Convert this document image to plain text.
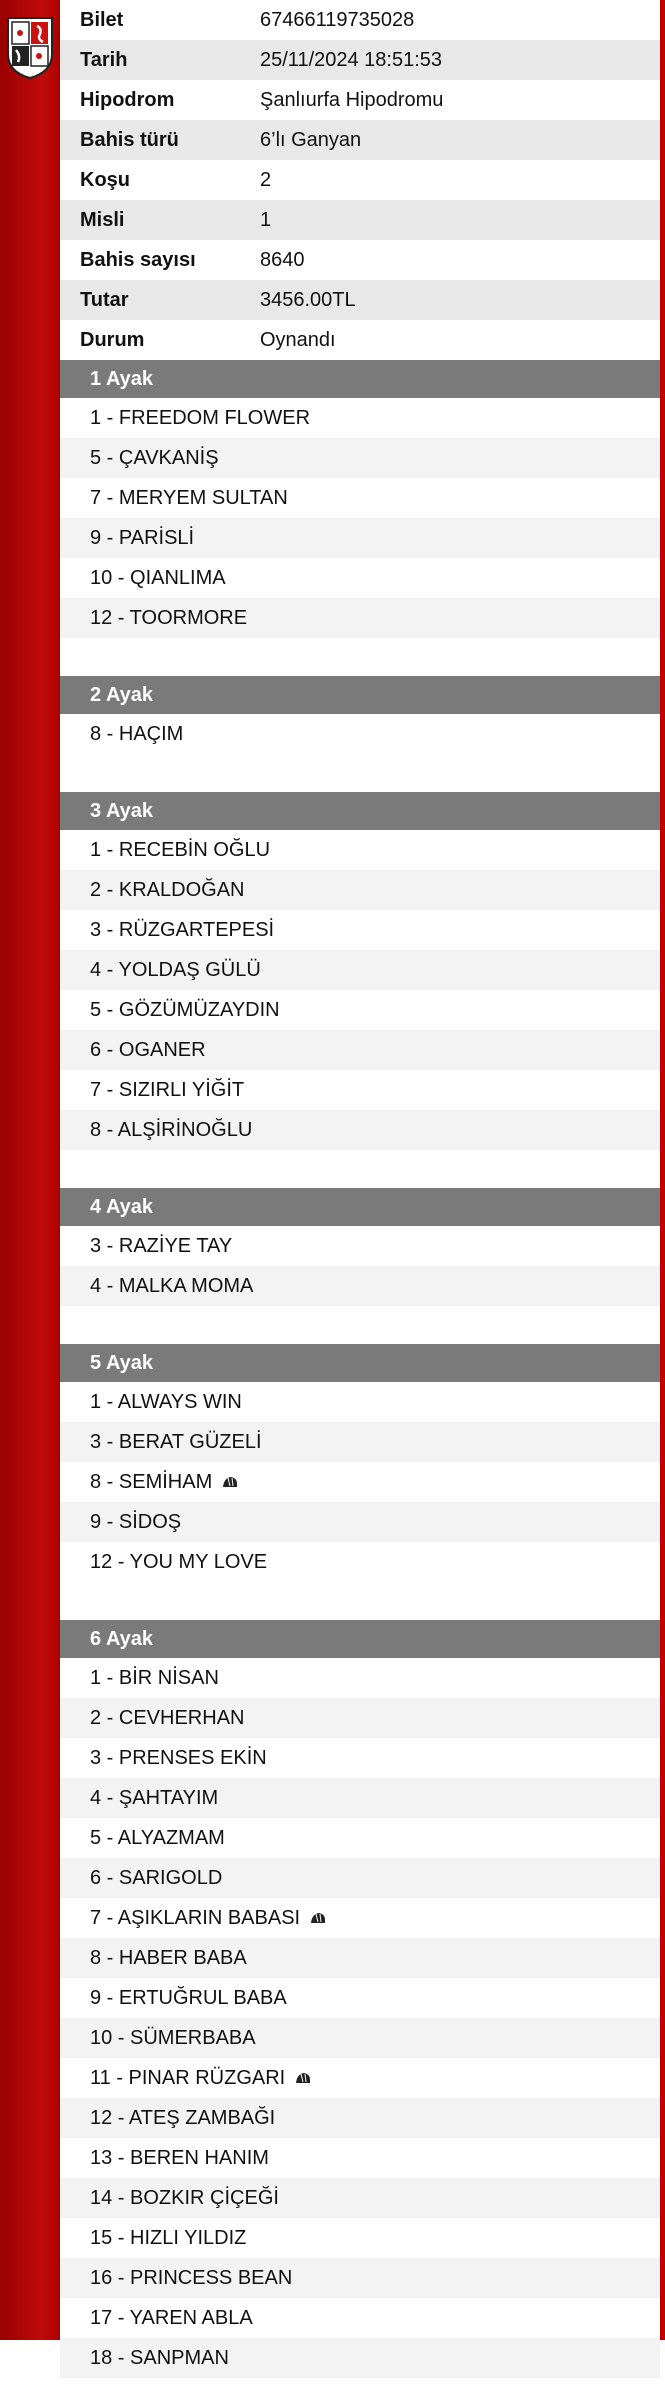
Bilet	67466119735028
Tarih	25/11/2024 18:51:53
Hipodrom	Şanlıurfa Hipodromu
Bahis türü	6’lı Ganyan
Koşu	2
Misli	1
Bahis sayısı	8640
Tutar	3456.00TL
Durum	Oynandı
1 Ayak
1 - FREEDOM FLOWER
5 - ÇAVKANİŞ
7 - MERYEM SULTAN
9 - PARİSLİ
10 - QIANLIMA
12 - TOORMORE
2 Ayak
8 - HAÇIM
3 Ayak
1 - RECEBİN OĞLU
2 - KRALDOĞAN
3 - RÜZGARTEPESİ
4 - YOLDAŞ GÜLÜ
5 - GÖZÜMÜZAYDIN
6 - OGANER
7 - SIZIRLI YİĞİT
8 - ALŞİRİNOĞLU
4 Ayak
3 - RAZİYE TAY
4 - MALKA MOMA
5 Ayak
1 - ALWAYS WIN
3 - BERAT GÜZELİ
8 - SEMİHAM
9 - SİDOŞ
12 - YOU MY LOVE
6 Ayak
1 - BİR NİSAN
2 - CEVHERHAN
3 - PRENSES EKİN
4 - ŞAHTAYIM
5 - ALYAZMAM
6 - SARIGOLD
7 - AŞIKLARIN BABASI
8 - HABER BABA
9 - ERTUĞRUL BABA
10 - SÜMERBABA
11 - PINAR RÜZGARI
12 - ATEŞ ZAMBAĞI
13 - BEREN HANIM
14 - BOZKIR ÇİÇEĞİ
15 - HIZLI YILDIZ
16 - PRINCESS BEAN
17 - YAREN ABLA
18 - SANPMAN
